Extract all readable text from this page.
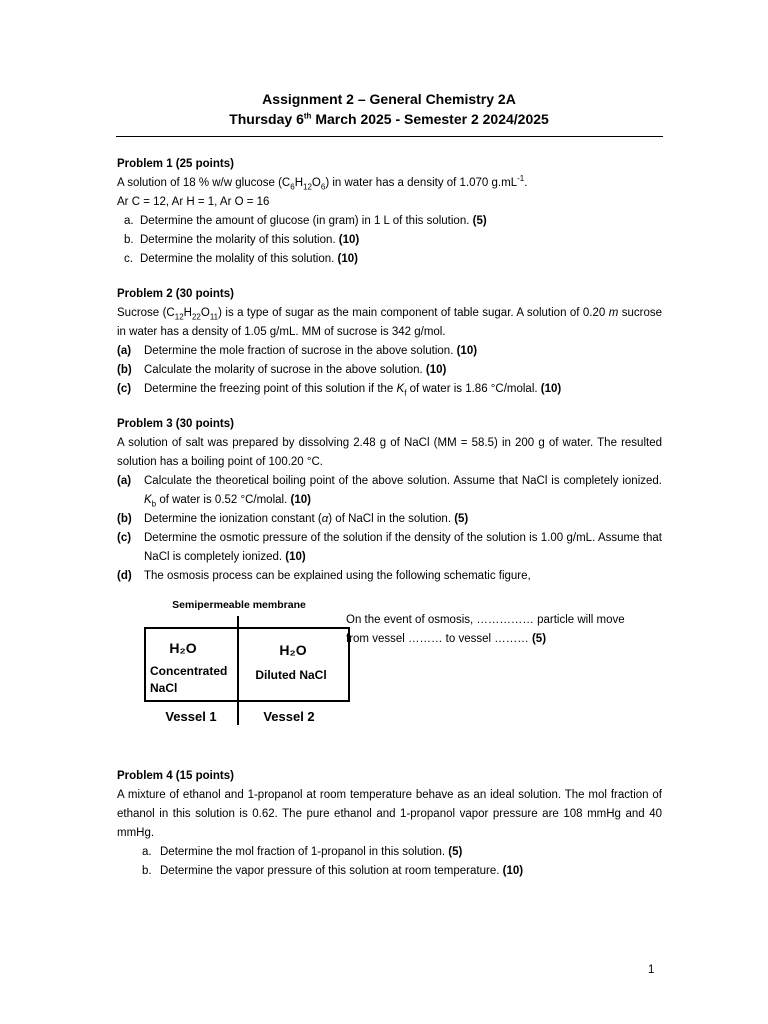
Assignment 2 – General Chemistry 2A
Thursday 6th March 2025 - Semester 2 2024/2025
Problem 1 (25 points)
A solution of 18 % w/w glucose $(C_6H_{12}O_6)$ in water has a density of 1.070 $g.mL^{-1}$.
Ar C = 12, Ar H = 1, Ar O = 16
a. Determine the amount of glucose (in gram) in 1 L of this solution. (5)
b. Determine the molarity of this solution. (10)
c. Determine the molality of this solution. (10)
Problem 2 (30 points)
Sucrose $(C_{12}H_{22}O_{11})$ is a type of sugar as the main component of table sugar. A solution of 0.20 m sucrose in water has a density of 1.05 g/mL. MM of sucrose is 342 g/mol.
(a) Determine the mole fraction of sucrose in the above solution. (10)
(b) Calculate the molarity of sucrose in the above solution. (10)
(c) Determine the freezing point of this solution if the $K_f$ of water is 1.86 °C/molal. (10)
Problem 3 (30 points)
A solution of salt was prepared by dissolving 2.48 g of NaCl (MM = 58.5) in 200 g of water. The resulted solution has a boiling point of 100.20 °C.
(a) Calculate the theoretical boiling point of the above solution. Assume that NaCl is completely ionized. $K_b$ of water is 0.52 °C/molal. (10)
(b) Determine the ionization constant (α) of NaCl in the solution. (5)
(c) Determine the osmotic pressure of the solution if the density of the solution is 1.00 g/mL. Assume that NaCl is completely ionized. (10)
(d) The osmosis process can be explained using the following schematic figure,
Semipermeable membrane
H₂O
Concentrated
NaCl
H₂O
Diluted NaCl
Vessel 1	Vessel 2
On the event of osmosis, …………… particle will move
from vessel ……… to vessel ……… (5)
Problem 4 (15 points)
A mixture of ethanol and 1-propanol at room temperature behave as an ideal solution. The mol fraction of ethanol in this solution is 0.62. The pure ethanol and 1-propanol vapor pressure are 108 mmHg and 40 mmHg.
a. Determine the mol fraction of 1-propanol in this solution. (5)
b. Determine the vapor pressure of this solution at room temperature. (10)
1
